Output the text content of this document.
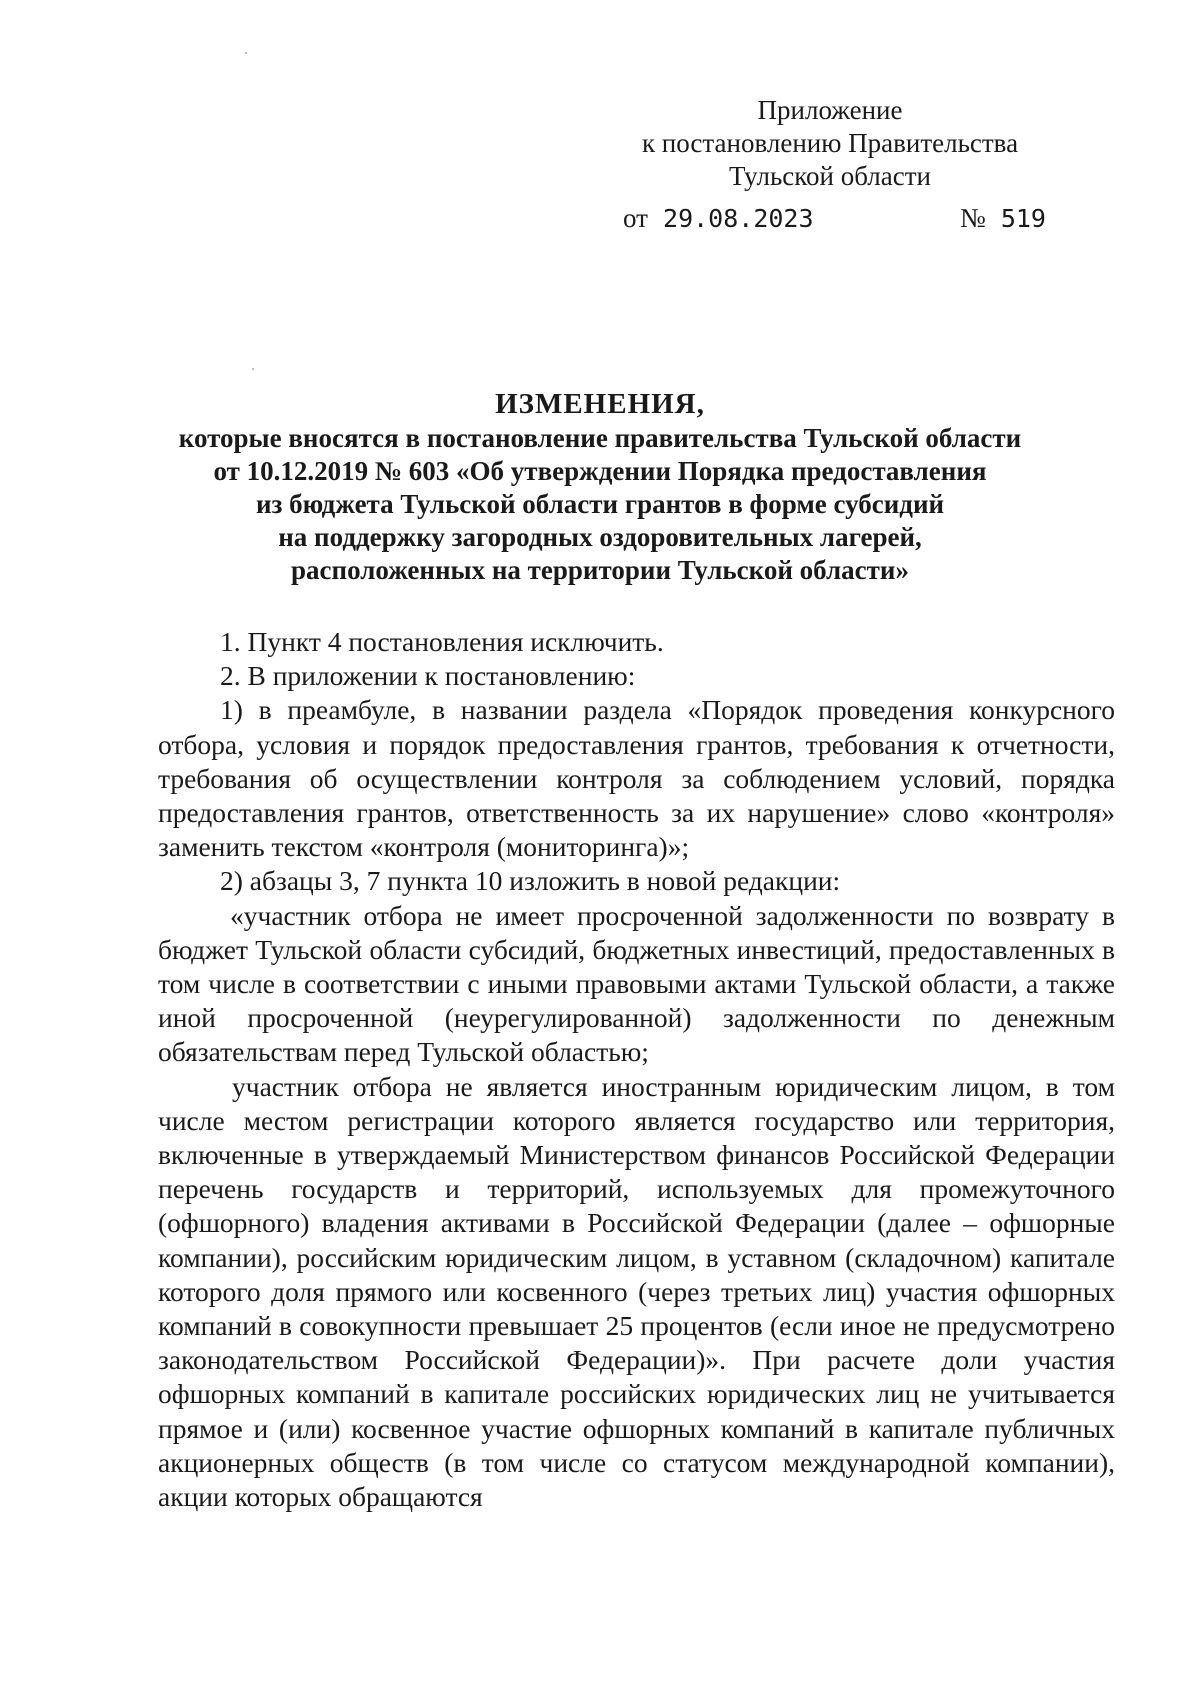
Приложение
к постановлению Правительства
Тульской области
от 29.08.2023	№ 519
ИЗМЕНЕНИЯ,
которые вносятся в постановление правительства Тульской области
от 10.12.2019 № 603 «Об утверждении Порядка предоставления
из бюджета Тульской области грантов в форме субсидий
на поддержку загородных оздоровительных лагерей,
расположенных на территории Тульской области»

1. Пункт 4 постановления исключить.

2. В приложении к постановлению:

1) в преамбуле, в названии раздела «Порядок проведения конкурсного отбора, условия и порядок предоставления грантов, требования к отчетности, требования об осуществлении контроля за соблюдением условий, порядка предоставления грантов, ответственность за их нарушение» слово «контроля» заменить текстом «контроля (мониторинга)»;

2) абзацы 3, 7 пункта 10 изложить в новой редакции:

«участник отбора не имеет просроченной задолженности по возврату в бюджет Тульской области субсидий, бюджетных инвестиций, предоставленных в том числе в соответствии с иными правовыми актами Тульской области, а также иной просроченной (неурегулированной) задолженности по денежным обязательствам перед Тульской областью;

участник отбора не является иностранным юридическим лицом, в том числе местом регистрации которого является государство или территория, включенные в утверждаемый Министерством финансов Российской Федерации перечень государств и территорий, используемых для промежуточного (офшорного) владения активами в Российской Федерации (далее – офшорные компании), российским юридическим лицом, в уставном (складочном) капитале которого доля прямого или косвенного (через третьих лиц) участия офшорных компаний в совокупности превышает 25 процентов (если иное не предусмотрено законодательством Российской Федерации)». При расчете доли участия офшорных компаний в капитале российских юридических лиц не учитывается прямое и (или) косвенное участие офшорных компаний в капитале публичных акционерных обществ (в том числе со статусом международной компании), акции которых обращаются
